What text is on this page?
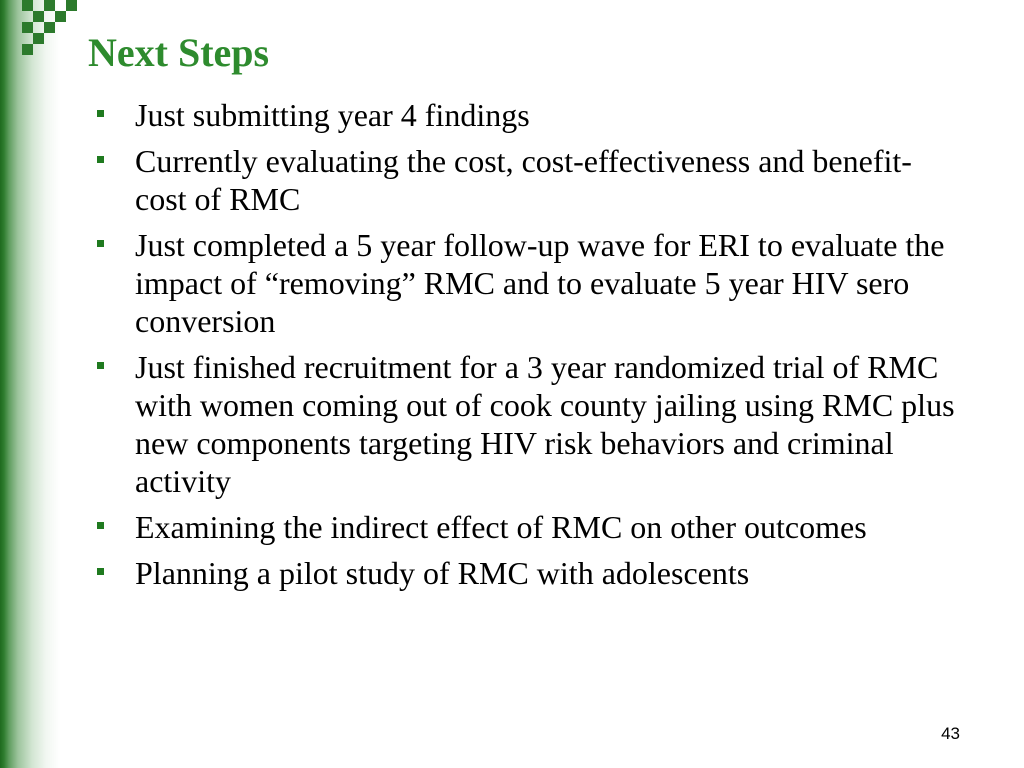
Next Steps
Just submitting year 4 findings
Currently evaluating the cost, cost-effectiveness and benefit-cost of RMC
Just completed a 5 year follow-up wave for ERI to evaluate the impact of “removing” RMC and to evaluate 5 year HIV sero conversion
Just finished recruitment for a 3 year randomized trial of RMC with women coming out of cook county jailing using RMC plus new components targeting HIV risk behaviors and criminal activity
Examining the indirect effect of RMC on other outcomes
Planning a pilot study of RMC with adolescents
43
